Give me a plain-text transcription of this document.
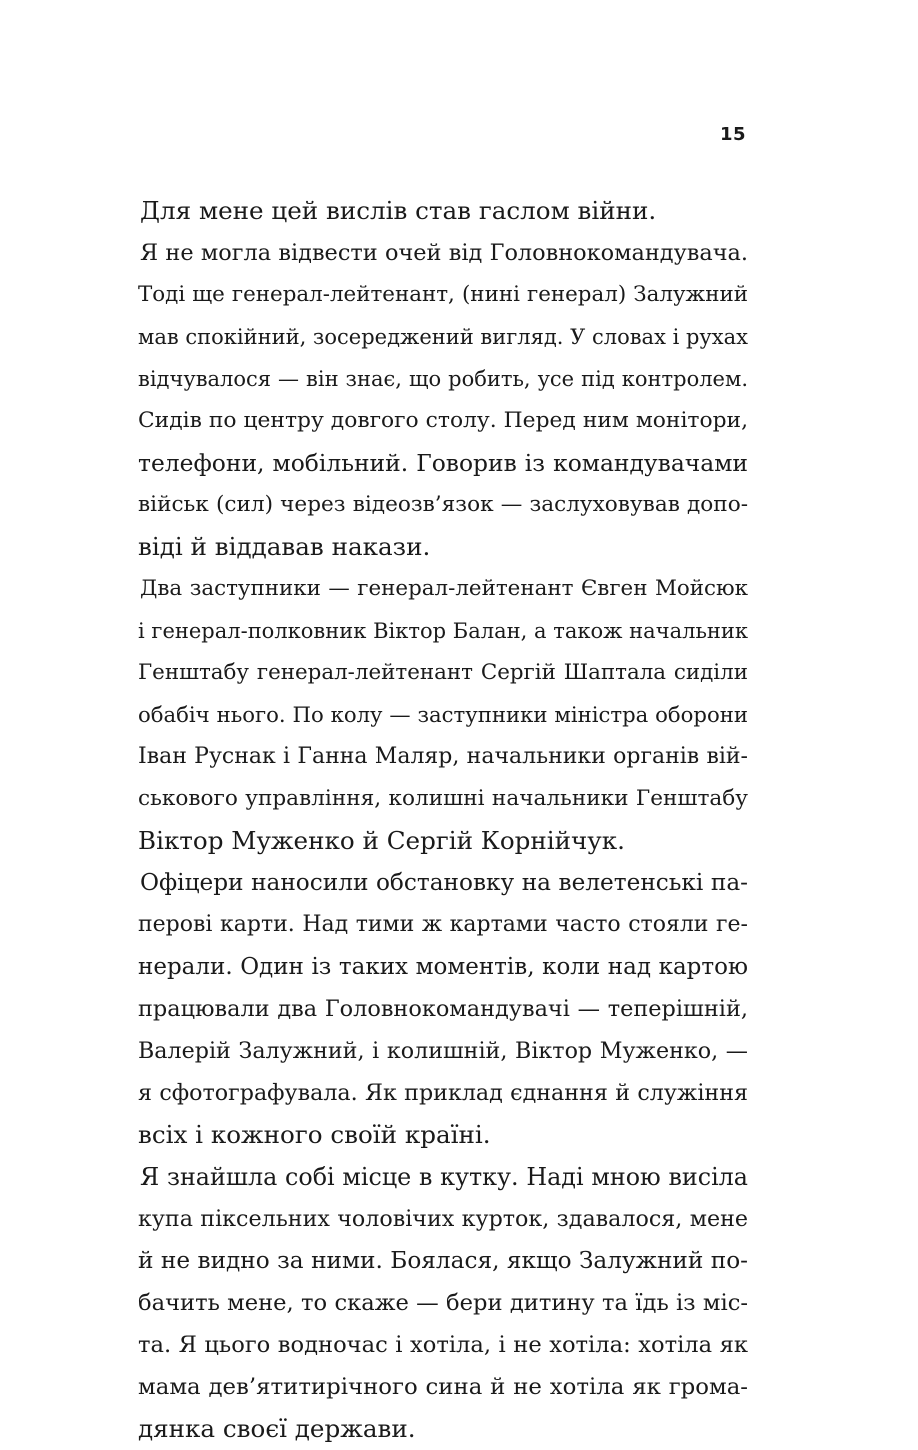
15
Для мене цей вислів став гаслом війни.
Я не могла відвести очей від Головнокомандувача.
Тоді ще генерал-лейтенант, (нині генерал) Залужний
мав спокійний, зосереджений вигляд. У словах і рухах
відчувалося — він знає, що робить, усе під контролем.
Сидів по центру довгого столу. Перед ним монітори,
телефони, мобільний. Говорив із командувачами
військ (сил) через відеозв’язок — заслуховував допо-
віді й віддавав накази.
Два заступники — генерал-лейтенант Євген Мойсюк
і генерал-полковник Віктор Балан, а також начальник
Генштабу генерал-лейтенант Сергій Шаптала сиділи
обабіч нього. По колу — заступники міністра оборони
Іван Руснак і Ганна Маляр, начальники органів вій-
ськового управління, колишні начальники Генштабу
Віктор Муженко й Сергій Корнійчук.
Офіцери наносили обстановку на велетенські па-
перові карти. Над тими ж картами часто стояли ге-
нерали. Один із таких моментів, коли над картою
працювали два Головнокомандувачі — теперішній,
Валерій Залужний, і колишній, Віктор Муженко, —
я сфотографувала. Як приклад єднання й служіння
всіх і кожного своїй країні.
Я знайшла собі місце в кутку. Наді мною висіла
купа піксельних чоловічих курток, здавалося, мене
й не видно за ними. Боялася, якщо Залужний по-
бачить мене, то скаже — бери дитину та їдь із міс-
та. Я цього водночас і хотіла, і не хотіла: хотіла як
мама дев’ятитирічного сина й не хотіла як грома-
дянка своєї держави.
